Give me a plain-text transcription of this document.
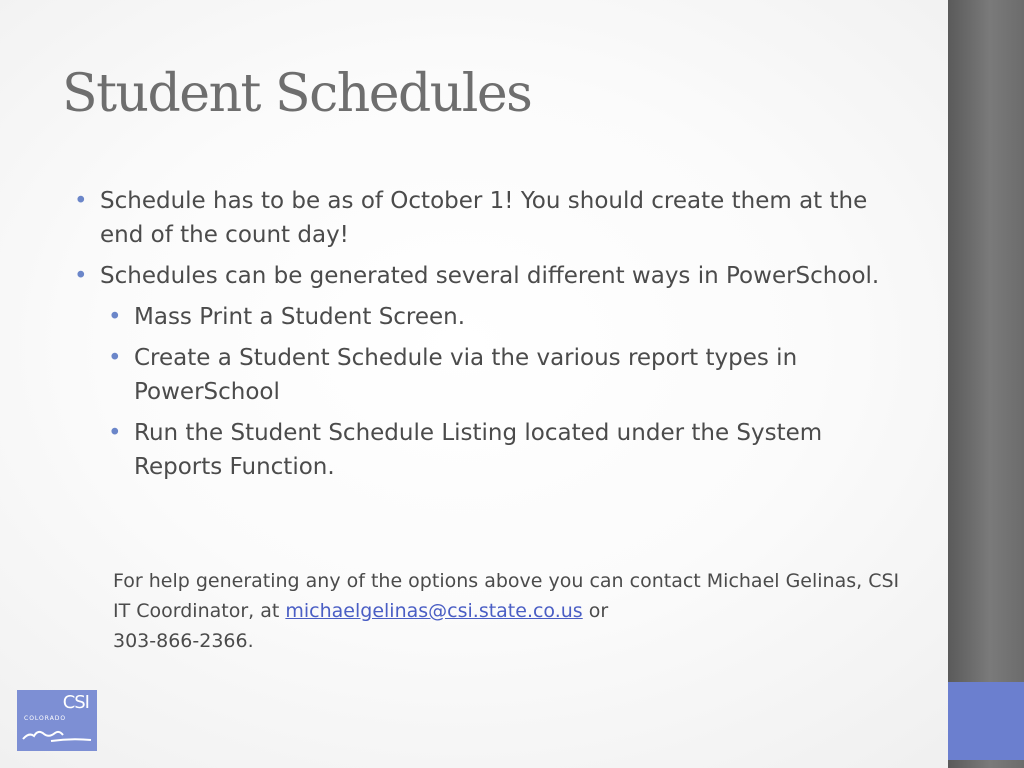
Student Schedules
• Schedule has to be as of October 1! You should create them at the end of the count day!
• Schedules can be generated several different ways in PowerSchool.
• Mass Print a Student Screen.
• Create a Student Schedule via the various report types in PowerSchool
• Run the Student Schedule Listing located under the System Reports Function.
For help generating any of the options above you can contact Michael Gelinas, CSI IT Coordinator, at michaelgelinas@csi.state.co.us or
303-866-2366.
CSI
COLORADO
